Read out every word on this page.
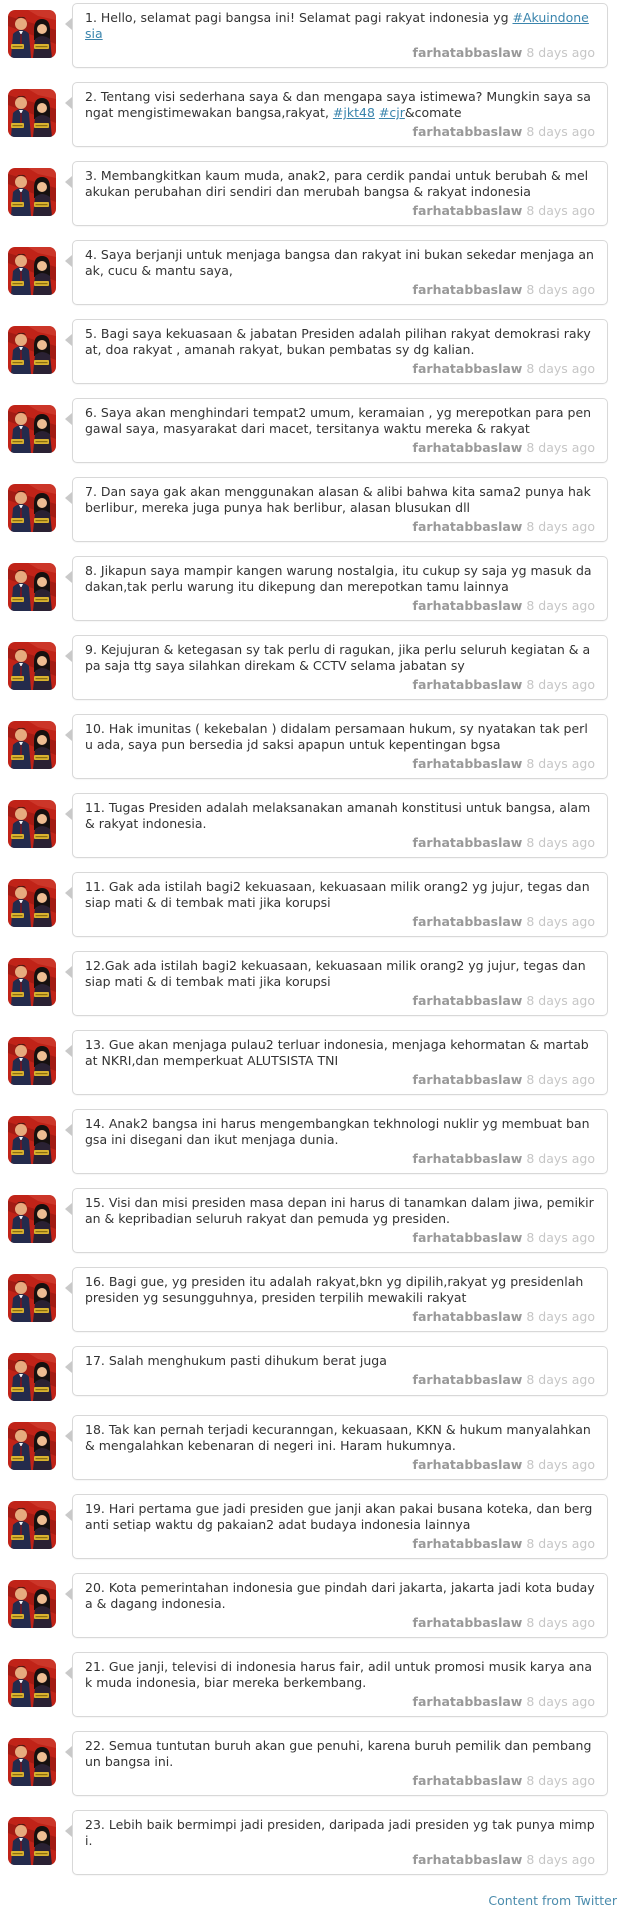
1. Hello, selamat pagi bangsa ini! Selamat pagi rakyat indonesia yg #Akuindonesia

farhatabbaslaw 8 days ago

2. Tentang visi sederhana saya & dan mengapa saya istimewa? Mungkin saya sangat mengistimewakan bangsa,rakyat, #jkt48 #cjr&comate

farhatabbaslaw 8 days ago

3. Membangkitkan kaum muda, anak2, para cerdik pandai untuk berubah & melakukan perubahan diri sendiri dan merubah bangsa & rakyat indonesia

farhatabbaslaw 8 days ago

4. Saya berjanji untuk menjaga bangsa dan rakyat ini bukan sekedar menjaga anak, cucu & mantu saya,

farhatabbaslaw 8 days ago

5. Bagi saya kekuasaan & jabatan Presiden adalah pilihan rakyat demokrasi rakyat, doa rakyat , amanah rakyat, bukan pembatas sy dg kalian.

farhatabbaslaw 8 days ago

6. Saya akan menghindari tempat2 umum, keramaian , yg merepotkan para pengawal saya, masyarakat dari macet, tersitanya waktu mereka & rakyat

farhatabbaslaw 8 days ago

7. Dan saya gak akan menggunakan alasan & alibi bahwa kita sama2 punya hak berlibur, mereka juga punya hak berlibur, alasan blusukan dll

farhatabbaslaw 8 days ago

8. Jikapun saya mampir kangen warung nostalgia, itu cukup sy saja yg masuk dadakan,tak perlu warung itu dikepung dan merepotkan tamu lainnya

farhatabbaslaw 8 days ago

9. Kejujuran & ketegasan sy tak perlu di ragukan, jika perlu seluruh kegiatan & apa saja ttg saya silahkan direkam & CCTV selama jabatan sy

farhatabbaslaw 8 days ago

10. Hak imunitas ( kekebalan ) didalam persamaan hukum, sy nyatakan tak perlu ada, saya pun bersedia jd saksi apapun untuk kepentingan bgsa

farhatabbaslaw 8 days ago

11. Tugas Presiden adalah melaksanakan amanah konstitusi untuk bangsa, alam & rakyat indonesia.

farhatabbaslaw 8 days ago

11. Gak ada istilah bagi2 kekuasaan, kekuasaan milik orang2 yg jujur, tegas dan siap mati & di tembak mati jika korupsi

farhatabbaslaw 8 days ago

12.Gak ada istilah bagi2 kekuasaan, kekuasaan milik orang2 yg jujur, tegas dan siap mati & di tembak mati jika korupsi

farhatabbaslaw 8 days ago

13. Gue akan menjaga pulau2 terluar indonesia, menjaga kehormatan & martabat NKRI,dan memperkuat ALUTSISTA TNI

farhatabbaslaw 8 days ago

14. Anak2 bangsa ini harus mengembangkan tekhnologi nuklir yg membuat bangsa ini disegani dan ikut menjaga dunia.

farhatabbaslaw 8 days ago

15. Visi dan misi presiden masa depan ini harus di tanamkan dalam jiwa, pemikiran & kepribadian seluruh rakyat dan pemuda yg presiden.

farhatabbaslaw 8 days ago

16. Bagi gue, yg presiden itu adalah rakyat,bkn yg dipilih,rakyat yg presidenlah presiden yg sesungguhnya, presiden terpilih mewakili rakyat

farhatabbaslaw 8 days ago

17. Salah menghukum pasti dihukum berat juga

farhatabbaslaw 8 days ago

18. Tak kan pernah terjadi kecuranngan, kekuasaan, KKN & hukum manyalahkan & mengalahkan kebenaran di negeri ini. Haram hukumnya.

farhatabbaslaw 8 days ago

19. Hari pertama gue jadi presiden gue janji akan pakai busana koteka, dan berganti setiap waktu dg pakaian2 adat budaya indonesia lainnya

farhatabbaslaw 8 days ago

20. Kota pemerintahan indonesia gue pindah dari jakarta, jakarta jadi kota budaya & dagang indonesia.

farhatabbaslaw 8 days ago

21. Gue janji, televisi di indonesia harus fair, adil untuk promosi musik karya anak muda indonesia, biar mereka berkembang.

farhatabbaslaw 8 days ago

22. Semua tuntutan buruh akan gue penuhi, karena buruh pemilik dan pembangun bangsa ini.

farhatabbaslaw 8 days ago

23. Lebih baik bermimpi jadi presiden, daripada jadi presiden yg tak punya mimpi.

farhatabbaslaw 8 days ago
Content from Twitter
